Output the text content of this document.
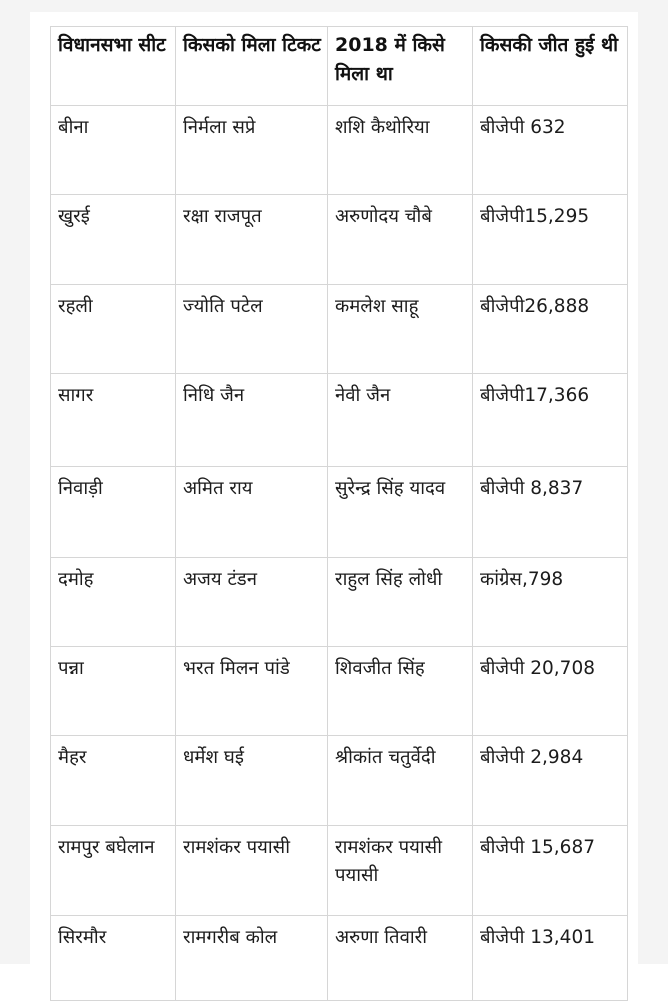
विधानसभा सीट	किसको मिला टिकट	2018 में किसे मिला था	किसकी जीत हुई थी
बीना	निर्मला सप्रे	शशि कैथोरिया	बीजेपी 632
खुरई	रक्षा राजपूत	अरुणोदय चौबे	बीजेपी15,295
रहली	ज्योति पटेल	कमलेश साहू	बीजेपी26,888
सागर	निधि जैन	नेवी जैन	बीजेपी17,366
निवाड़ी	अमित राय	सुरेन्द्र सिंह यादव	बीजेपी 8,837
दमोह	अजय टंडन	राहुल सिंह लोधी	कांग्रेस,798
पन्ना	भरत मिलन पांडे	शिवजीत सिंह	बीजेपी 20,708
मैहर	धर्मेश घई	श्रीकांत चतुर्वेदी	बीजेपी 2,984
रामपुर बघेलान	रामशंकर पयासी	रामशंकर पयासी पयासी	बीजेपी 15,687
सिरमौर	रामगरीब कोल	अरुणा तिवारी	बीजेपी 13,401
